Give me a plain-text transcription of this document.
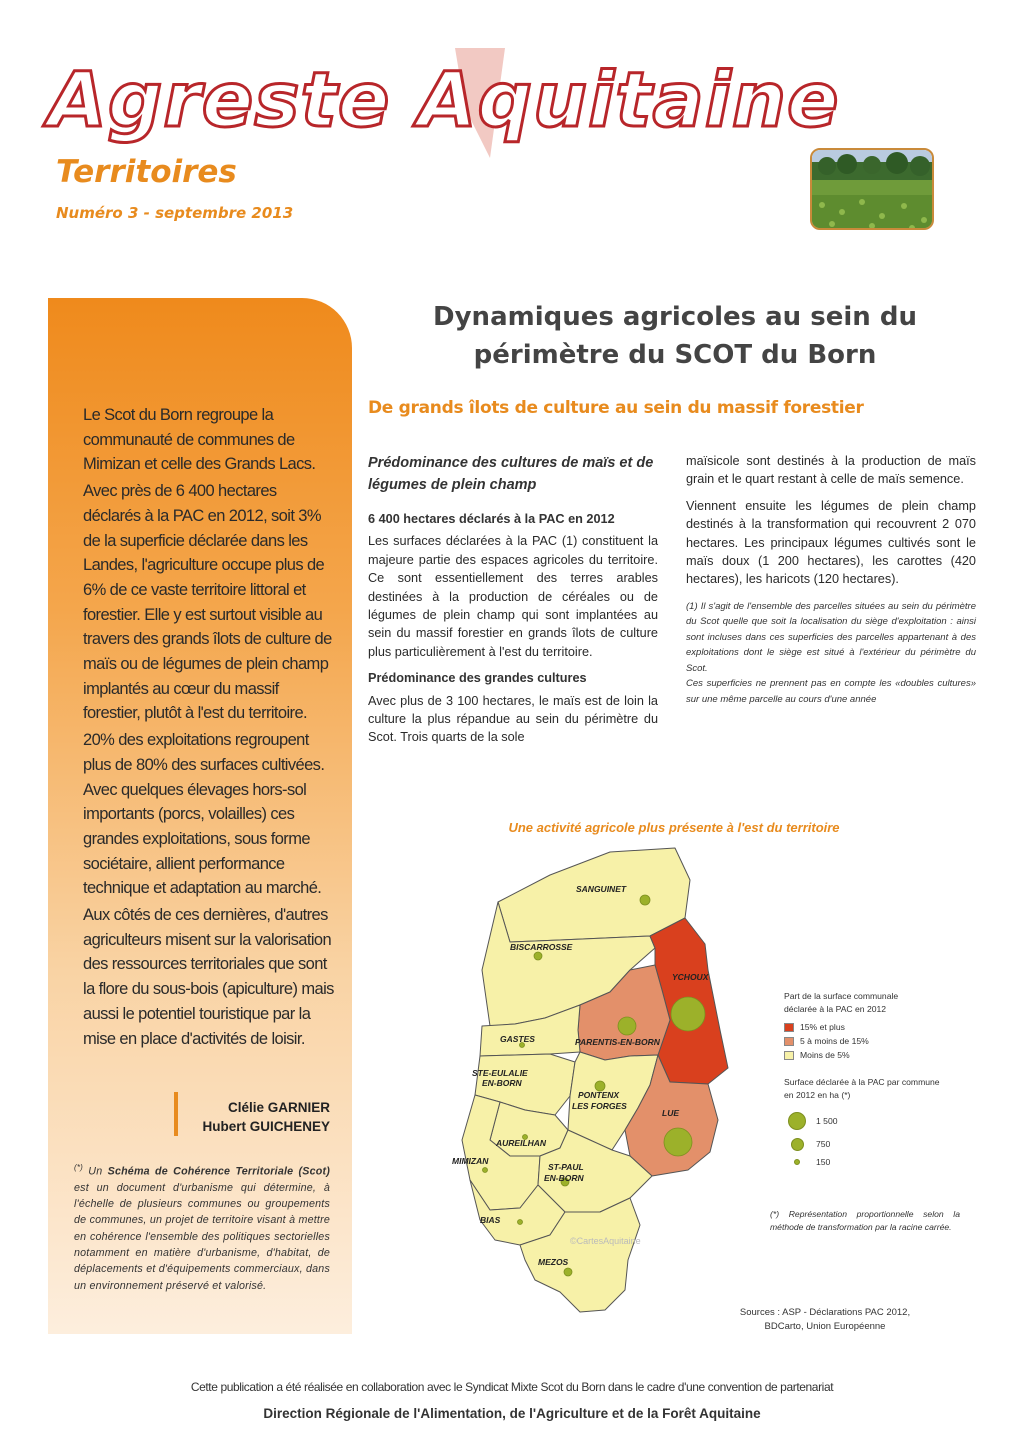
Agreste Aquitaine
Territoires
Numéro 3 - septembre 2013

Le Scot du Born regroupe la communauté de communes de Mimizan et celle des Grands Lacs.

Avec près de 6 400 hectares déclarés à la PAC en 2012, soit 3% de la superficie déclarée dans les Landes, l'agriculture occupe plus de 6% de ce vaste territoire littoral et forestier. Elle y est surtout visible au travers des grands îlots de culture de maïs ou de légumes de plein champ implantés au cœur du massif forestier, plutôt à l'est du territoire.

20% des exploitations regroupent plus de 80% des surfaces cultivées. Avec quelques élevages hors-sol importants (porcs, volailles) ces grandes exploitations, sous forme sociétaire, allient performance technique et adaptation au marché.

Aux côtés de ces dernières, d'autres agriculteurs misent sur la valorisation des ressources territoriales que sont la flore du sous-bois (apiculture) mais aussi le potentiel touristique par la mise en place d'activités de loisir.

Clélie GARNIER
Hubert GUICHENEY
(*) Un Schéma de Cohérence Territoriale (Scot) est un document d'urbanisme qui détermine, à l'échelle de plusieurs communes ou groupements de communes, un projet de territoire visant à mettre en cohérence l'ensemble des politiques sectorielles notamment en matière d'urbanisme, d'habitat, de déplacements et d'équipements commerciaux, dans un environnement préservé et valorisé.
Dynamiques agricoles au sein du périmètre du SCOT du Born
De grands îlots de culture au sein du massif forestier
Prédominance des cultures de maïs et de légumes de plein champ
6 400 hectares déclarés à la PAC en 2012

Les surfaces déclarées à la PAC (1) constituent la majeure partie des espaces agricoles du territoire. Ce sont essentiellement des terres arables destinées à la production de céréales ou de légumes de plein champ qui sont implantées au sein du massif forestier en grands îlots de culture plus particulièrement à l'est du territoire.

Prédominance des grandes cultures

Avec plus de 3 100 hectares, le maïs est de loin la culture la plus répandue au sein du périmètre du Scot. Trois quarts de la sole

maïsicole sont destinés à la production de maïs grain et le quart restant à celle de maïs semence.

Viennent ensuite les légumes de plein champ destinés à la transformation qui recouvrent 2 070 hectares. Les principaux légumes cultivés sont le maïs doux (1 200 hectares), les carottes (420 hectares), les haricots (120 hectares).

(1) Il s'agit de l'ensemble des parcelles situées au sein du périmètre du Scot quelle que soit la localisation du siège d'exploitation : ainsi sont incluses dans ces superficies des parcelles appartenant à des exploitations dont le siège est situé à l'extérieur du périmètre du Scot.

Ces superficies ne prennent pas en compte les «doubles cultures» sur une même parcelle au cours d'une année

Une activité agricole plus présente à l'est du territoire
SANGUINET
BISCARROSSE
YCHOUX
GASTES	PARENTIS-EN-BORN
STE-EULALIE
EN-BORN
PONTENX
LES FORGES
LUE
AUREILHAN
MIMIZAN
ST-PAUL
EN-BORN
BIAS
MEZOS
©CartesAquitaine
Part de la surface communale déclarée à la PAC en 2012
15% et plus
5 à moins de 15%
Moins de 5%
Surface déclarée à la PAC par commune en 2012 en ha (*)
1 500
750
150
(*) Représentation proportionnelle selon la méthode de transformation par la racine carrée.
Sources : ASP - Déclarations PAC 2012,
BDCarto, Union Européenne
Cette publication a été réalisée en collaboration avec le Syndicat Mixte Scot du Born dans le cadre d'une convention de partenariat
Direction Régionale de l'Alimentation, de l'Agriculture et de la Forêt Aquitaine
